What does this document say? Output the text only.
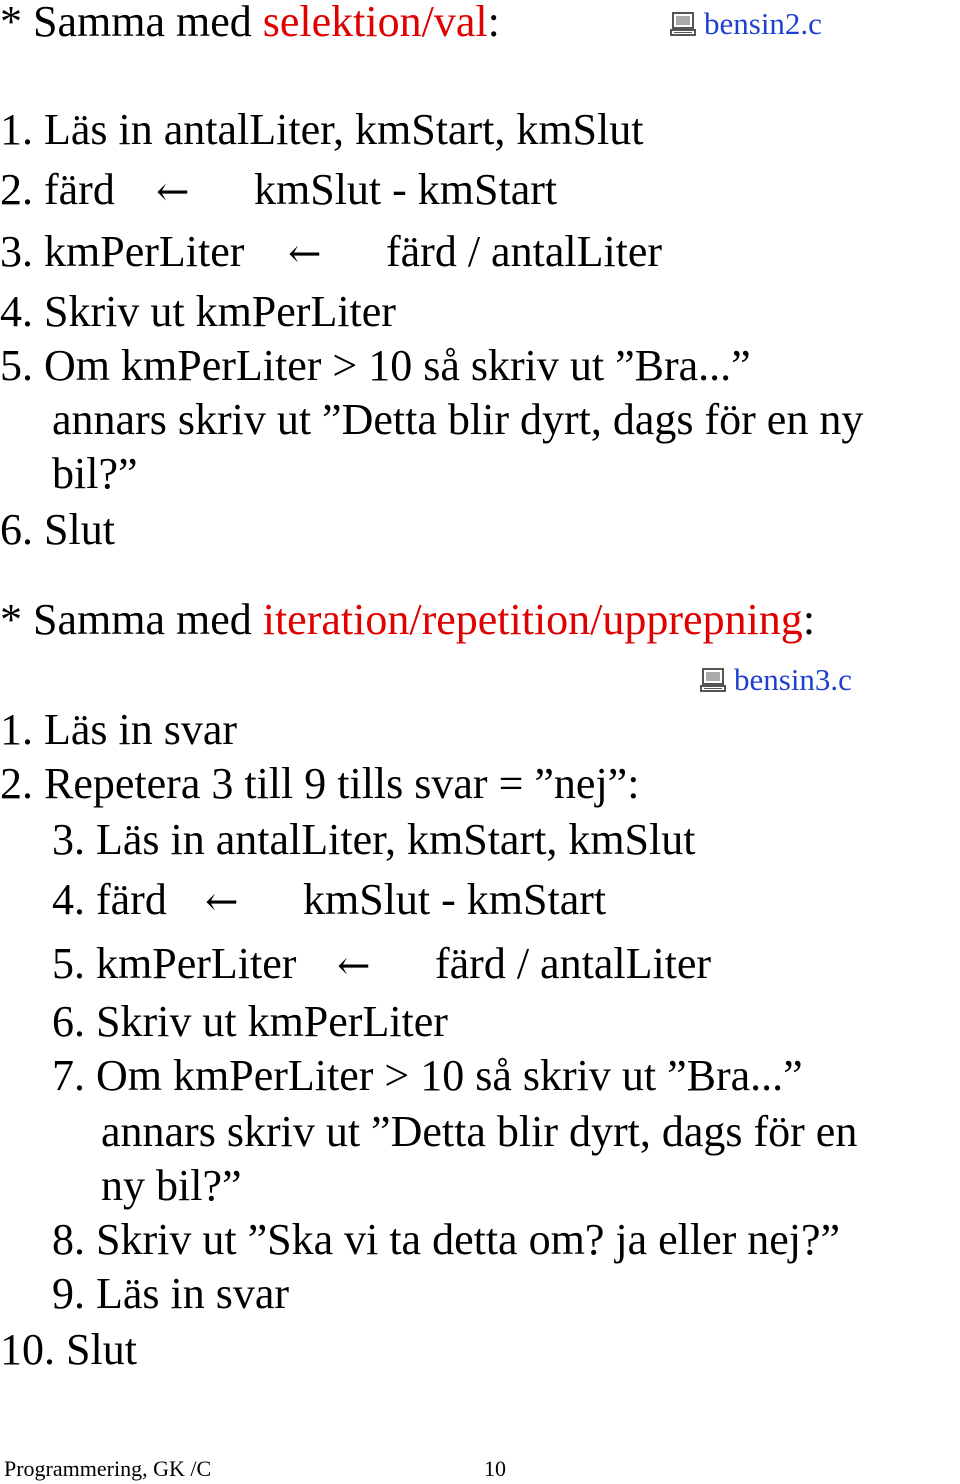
* Samma med selektion/val:	bensin2.c
1. Läs in antalLiter, kmStart, kmSlut
2. färd ← kmSlut - kmStart
3. kmPerLiter ← färd / antalLiter
4. Skriv ut kmPerLiter
5. Om kmPerLiter > 10 så skriv ut ”Bra...”
annars skriv ut ”Detta blir dyrt, dags för en ny
bil?”
6. Slut
* Samma med iteration/repetition/upprepning:
bensin3.c
1. Läs in svar
2. Repetera 3 till 9 tills svar = ”nej”:
3. Läs in antalLiter, kmStart, kmSlut
4. färd ← kmSlut - kmStart
5. kmPerLiter ← färd / antalLiter
6. Skriv ut kmPerLiter
7. Om kmPerLiter > 10 så skriv ut ”Bra...”
annars skriv ut ”Detta blir dyrt, dags för en
ny bil?”
8. Skriv ut ”Ska vi ta detta om? ja eller nej?”
9. Läs in svar
10. Slut
Programmering, GK /C	10
